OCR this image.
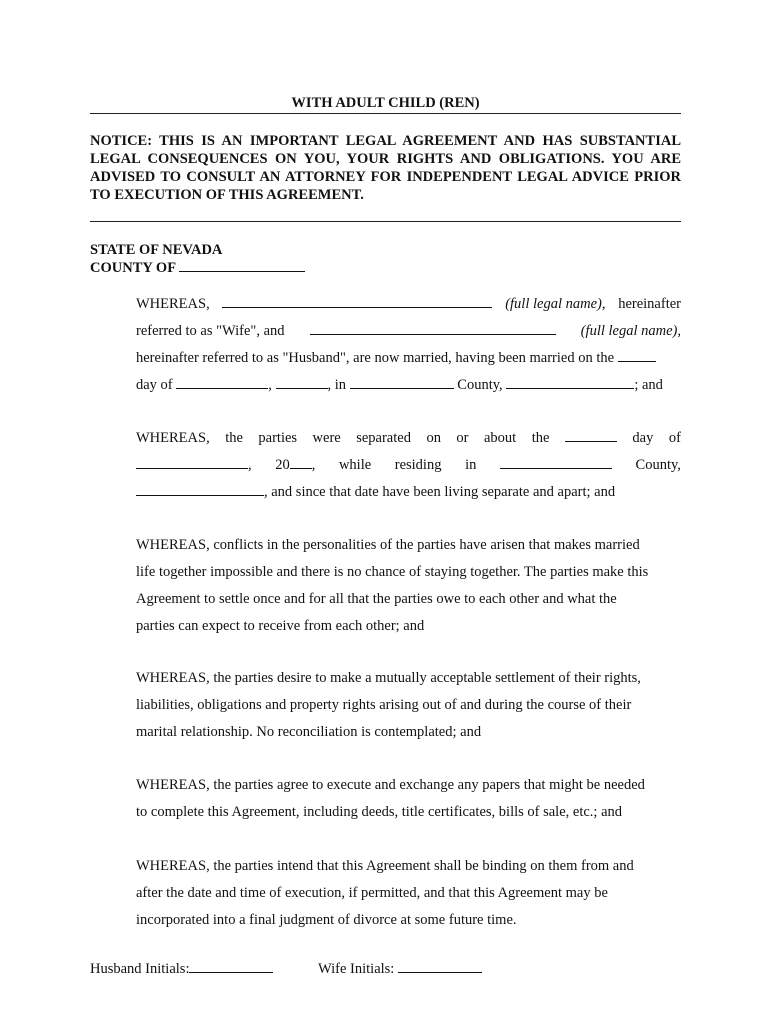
WITH ADULT CHILD (REN)
NOTICE: THIS IS AN IMPORTANT LEGAL AGREEMENT AND HAS SUBSTANTIAL LEGAL CONSEQUENCES ON YOU, YOUR RIGHTS AND OBLIGATIONS. YOU ARE ADVISED TO CONSULT AN ATTORNEY FOR INDEPENDENT LEGAL ADVICE PRIOR TO EXECUTION OF THIS AGREEMENT.
STATE OF NEVADA
COUNTY OF
WHEREAS,	(full legal name), hereinafter
referred to as "Wife", and	(full legal name),
hereinafter referred to as "Husband", are now married, having been married on the
day of	,	, in	County,	; and
WHEREAS, the parties were separated on or about the	day of
, 20 , while residing in	County,
, and since that date have been living separate and apart; and
WHEREAS, conflicts in the personalities of the parties have arisen that makes married
life together impossible and there is no chance of staying together. The parties make this
Agreement to settle once and for all that the parties owe to each other and what the
parties can expect to receive from each other; and
WHEREAS, the parties desire to make a mutually acceptable settlement of their rights,
liabilities, obligations and property rights arising out of and during the course of their
marital relationship. No reconciliation is contemplated; and
WHEREAS, the parties agree to execute and exchange any papers that might be needed
to complete this Agreement, including deeds, title certificates, bills of sale, etc.; and
WHEREAS, the parties intend that this Agreement shall be binding on them from and
after the date and time of execution, if permitted, and that this Agreement may be
incorporated into a final judgment of divorce at some future time.
Husband Initials:	Wife Initials:
